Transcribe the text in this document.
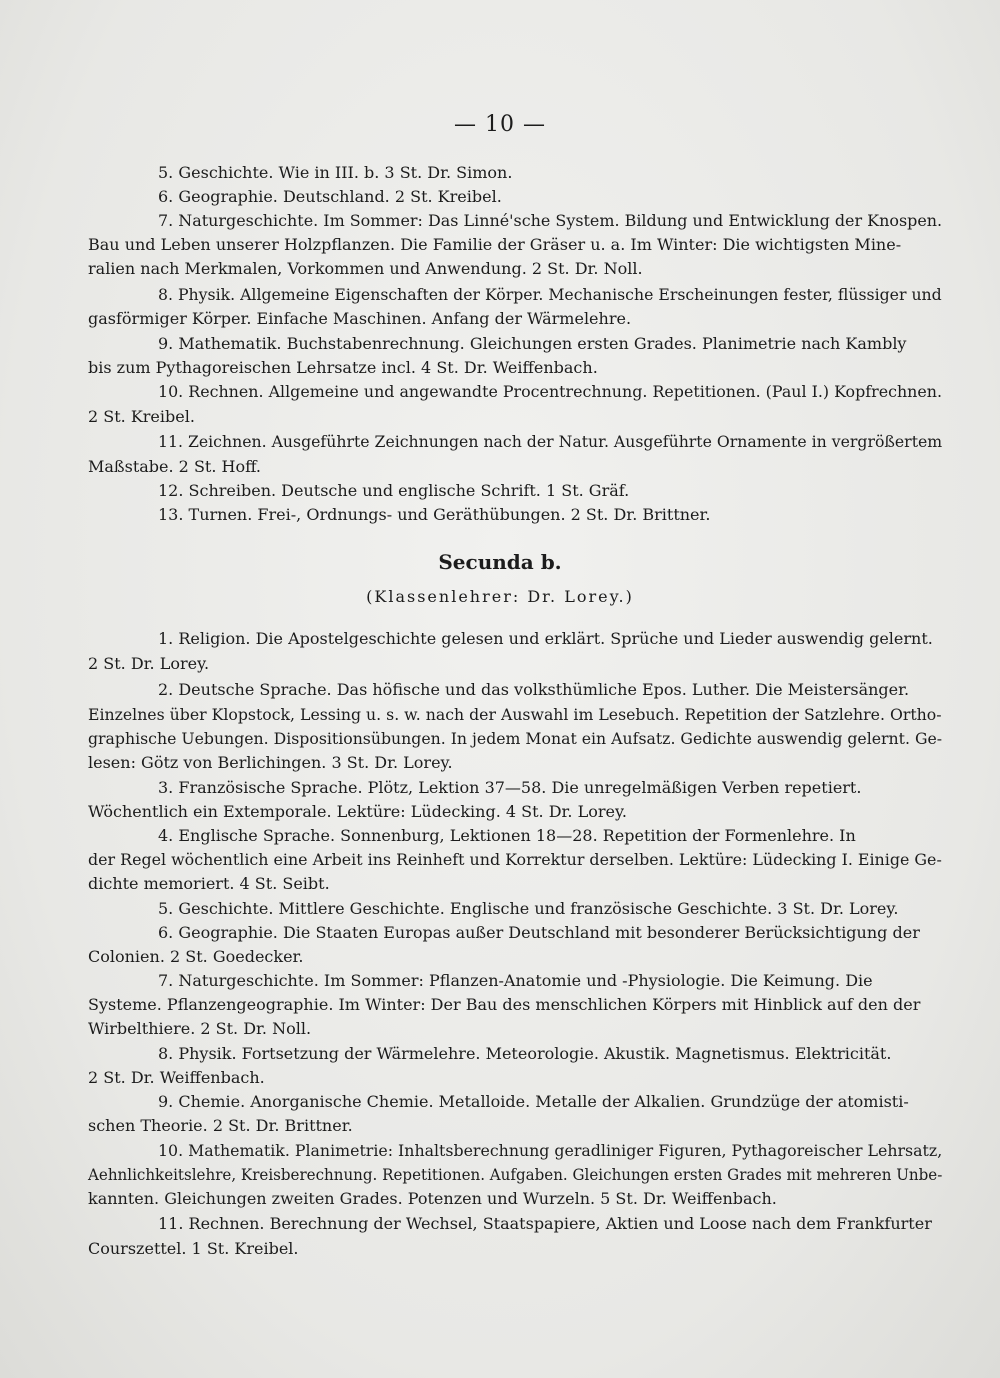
— 10 —
5. Geschichte. Wie in III. b. 3 St. Dr. Simon.
6. Geographie. Deutschland. 2 St. Kreibel.
7. Naturgeschichte. Im Sommer: Das Linné'sche System. Bildung und Entwicklung der Knospen.
Bau und Leben unserer Holzpflanzen. Die Familie der Gräser u. a. Im Winter: Die wichtigsten Mine-
ralien nach Merkmalen, Vorkommen und Anwendung. 2 St. Dr. Noll.
8. Physik. Allgemeine Eigenschaften der Körper. Mechanische Erscheinungen fester, flüssiger und
gasförmiger Körper. Einfache Maschinen. Anfang der Wärmelehre.
9. Mathematik. Buchstabenrechnung. Gleichungen ersten Grades. Planimetrie nach Kambly
bis zum Pythagoreischen Lehrsatze incl. 4 St. Dr. Weiffenbach.
10. Rechnen. Allgemeine und angewandte Procentrechnung. Repetitionen. (Paul I.) Kopfrechnen.
2 St. Kreibel.
11. Zeichnen. Ausgeführte Zeichnungen nach der Natur. Ausgeführte Ornamente in vergrößertem
Maßstabe. 2 St. Hoff.
12. Schreiben. Deutsche und englische Schrift. 1 St. Gräf.
13. Turnen. Frei-, Ordnungs- und Geräthübungen. 2 St. Dr. Brittner.
Secunda b.
(Klassenlehrer: Dr. Lorey.)
1. Religion. Die Apostelgeschichte gelesen und erklärt. Sprüche und Lieder auswendig gelernt.
2 St. Dr. Lorey.
2. Deutsche Sprache. Das höfische und das volksthümliche Epos. Luther. Die Meistersänger.
Einzelnes über Klopstock, Lessing u. s. w. nach der Auswahl im Lesebuch. Repetition der Satzlehre. Ortho-
graphische Uebungen. Dispositionsübungen. In jedem Monat ein Aufsatz. Gedichte auswendig gelernt. Ge-
lesen: Götz von Berlichingen. 3 St. Dr. Lorey.
3. Französische Sprache. Plötz, Lektion 37—58. Die unregelmäßigen Verben repetiert.
Wöchentlich ein Extemporale. Lektüre: Lüdecking. 4 St. Dr. Lorey.
4. Englische Sprache. Sonnenburg, Lektionen 18—28. Repetition der Formenlehre. In
der Regel wöchentlich eine Arbeit ins Reinheft und Korrektur derselben. Lektüre: Lüdecking I. Einige Ge-
dichte memoriert. 4 St. Seibt.
5. Geschichte. Mittlere Geschichte. Englische und französische Geschichte. 3 St. Dr. Lorey.
6. Geographie. Die Staaten Europas außer Deutschland mit besonderer Berücksichtigung der
Colonien. 2 St. Goedecker.
7. Naturgeschichte. Im Sommer: Pflanzen-Anatomie und -Physiologie. Die Keimung. Die
Systeme. Pflanzengeographie. Im Winter: Der Bau des menschlichen Körpers mit Hinblick auf den der
Wirbelthiere. 2 St. Dr. Noll.
8. Physik. Fortsetzung der Wärmelehre. Meteorologie. Akustik. Magnetismus. Elektricität.
2 St. Dr. Weiffenbach.
9. Chemie. Anorganische Chemie. Metalloide. Metalle der Alkalien. Grundzüge der atomisti-
schen Theorie. 2 St. Dr. Brittner.
10. Mathematik. Planimetrie: Inhaltsberechnung geradliniger Figuren, Pythagoreischer Lehrsatz,
Aehnlichkeitslehre, Kreisberechnung. Repetitionen. Aufgaben. Gleichungen ersten Grades mit mehreren Unbe-
kannten. Gleichungen zweiten Grades. Potenzen und Wurzeln. 5 St. Dr. Weiffenbach.
11. Rechnen. Berechnung der Wechsel, Staatspapiere, Aktien und Loose nach dem Frankfurter
Courszettel. 1 St. Kreibel.
